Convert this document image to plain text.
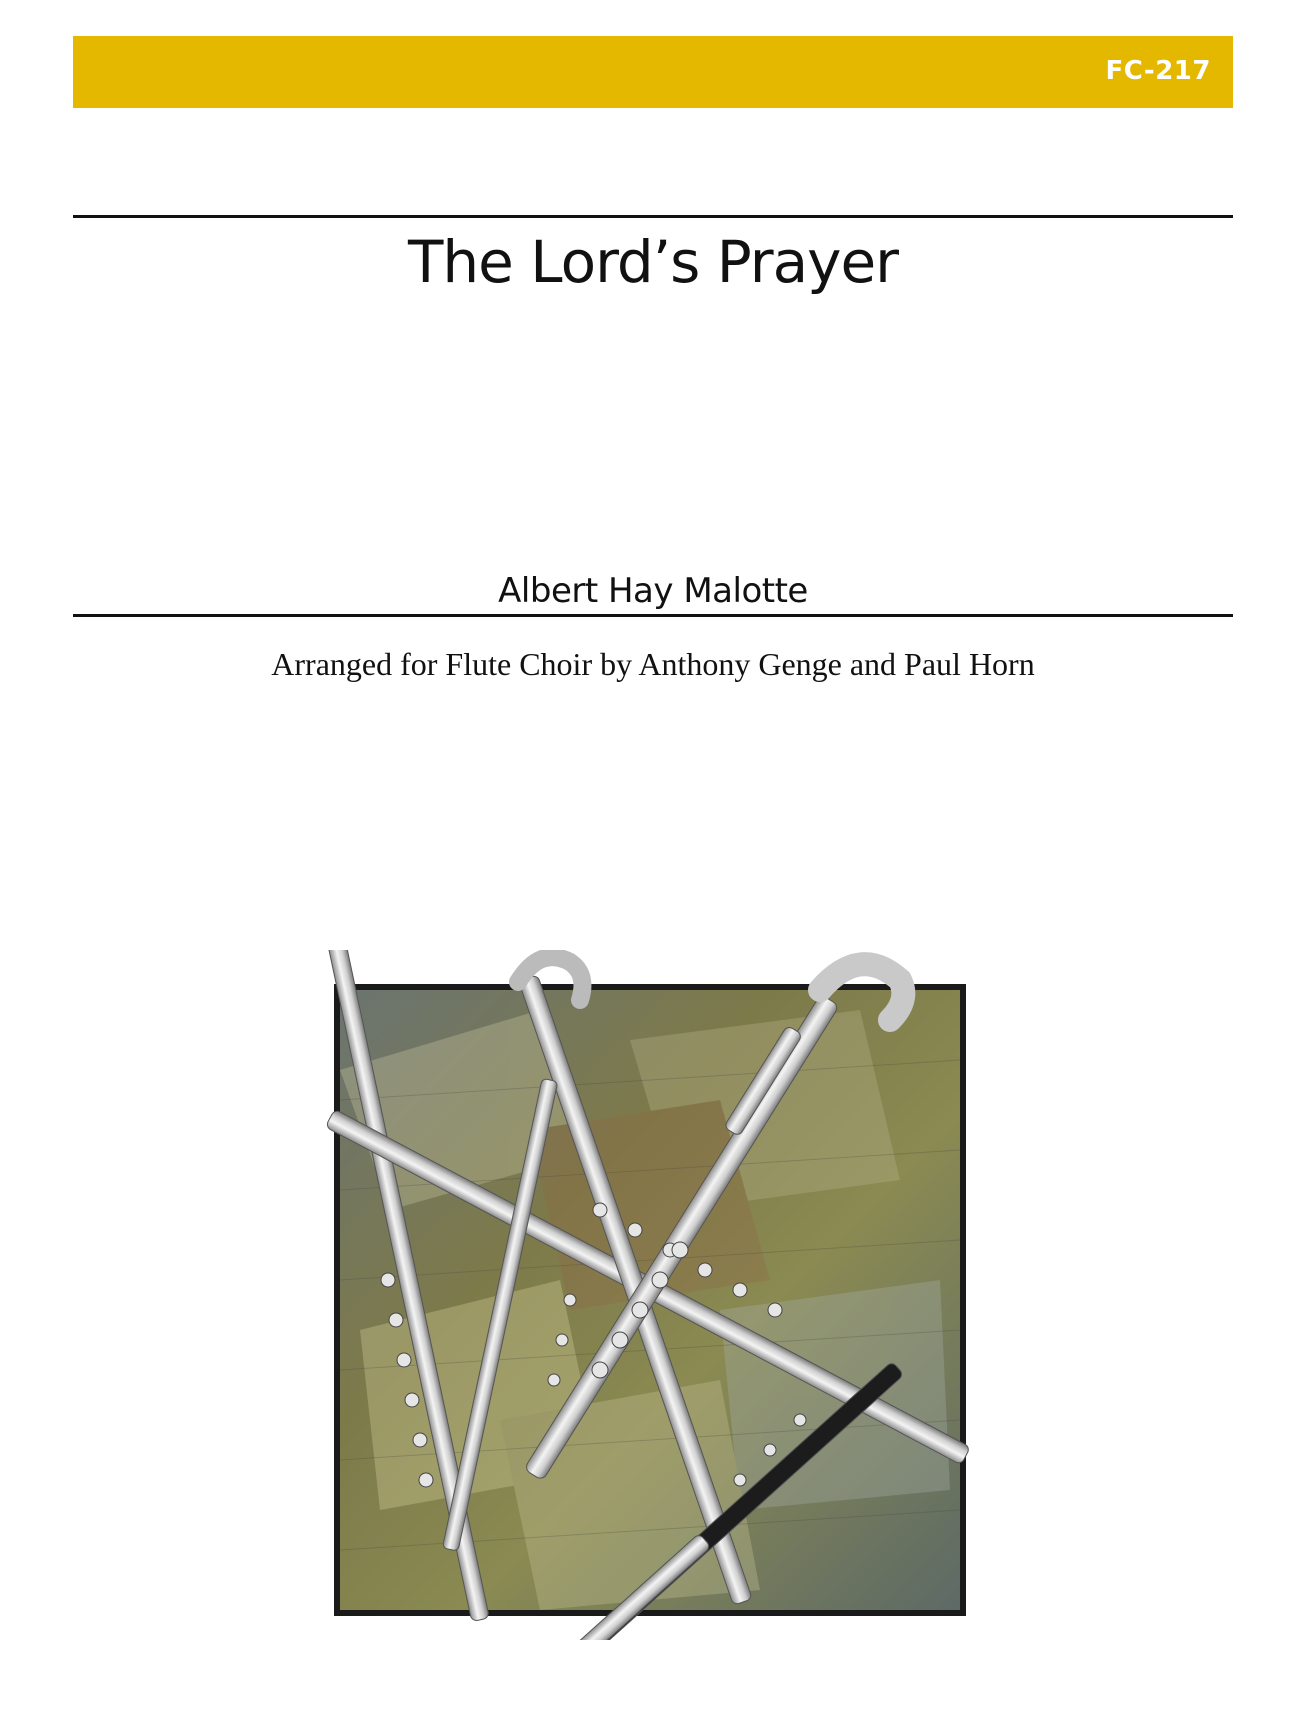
FC-217
The Lord’s Prayer
Albert Hay Malotte
Arranged for Flute Choir by Anthony Genge and Paul Horn
